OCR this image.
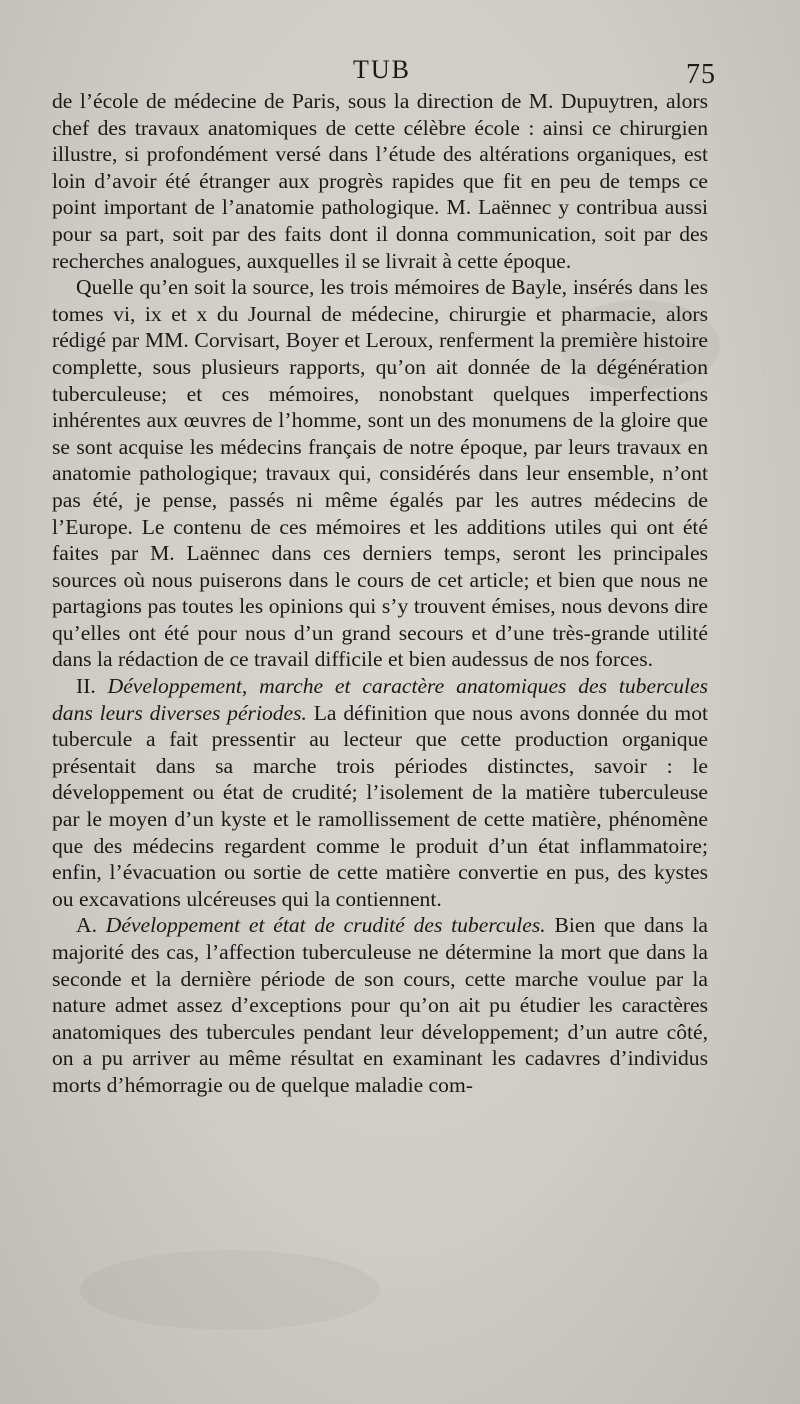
TUB	75

de l’école de médecine de Paris, sous la direction de M. Dupuytren, alors chef des travaux anatomiques de cette célèbre école : ainsi ce chirurgien illustre, si profondément versé dans l’étude des altérations organiques, est loin d’avoir été étranger aux progrès rapides que fit en peu de temps ce point important de l’anatomie pathologique. M. Laënnec y contribua aussi pour sa part, soit par des faits dont il donna communication, soit par des recherches analogues, auxquelles il se livrait à cette époque.

Quelle qu’en soit la source, les trois mémoires de Bayle, insérés dans les tomes vi, ix et x du Journal de médecine, chirurgie et pharmacie, alors rédigé par MM. Corvisart, Boyer et Leroux, renferment la première histoire complette, sous plusieurs rapports, qu’on ait donnée de la dégénération tuberculeuse; et ces mémoires, nonobstant quelques imperfections inhérentes aux œuvres de l’homme, sont un des monumens de la gloire que se sont acquise les médecins français de notre époque, par leurs travaux en anatomie pathologique; travaux qui, considérés dans leur ensemble, n’ont pas été, je pense, passés ni même égalés par les autres médecins de l’Europe. Le contenu de ces mémoires et les additions utiles qui ont été faites par M. Laënnec dans ces derniers temps, seront les principales sources où nous puiserons dans le cours de cet article; et bien que nous ne partagions pas toutes les opinions qui s’y trouvent émises, nous devons dire qu’elles ont été pour nous d’un grand secours et d’une très-grande utilité dans la rédaction de ce travail difficile et bien audessus de nos forces.

II. Développement, marche et caractère anatomiques des tubercules dans leurs diverses périodes. La définition que nous avons donnée du mot tubercule a fait pressentir au lecteur que cette production organique présentait dans sa marche trois périodes distinctes, savoir : le développement ou état de crudité; l’isolement de la matière tuberculeuse par le moyen d’un kyste et le ramollissement de cette matière, phénomène que des médecins regardent comme le produit d’un état inflammatoire; enfin, l’évacuation ou sortie de cette matière convertie en pus, des kystes ou excavations ulcéreuses qui la contiennent.

A. Développement et état de crudité des tubercules. Bien que dans la majorité des cas, l’affection tuberculeuse ne détermine la mort que dans la seconde et la dernière période de son cours, cette marche voulue par la nature admet assez d’exceptions pour qu’on ait pu étudier les caractères anatomiques des tubercules pendant leur développement; d’un autre côté, on a pu arriver au même résultat en examinant les cadavres d’individus morts d’hémorragie ou de quelque maladie com-
